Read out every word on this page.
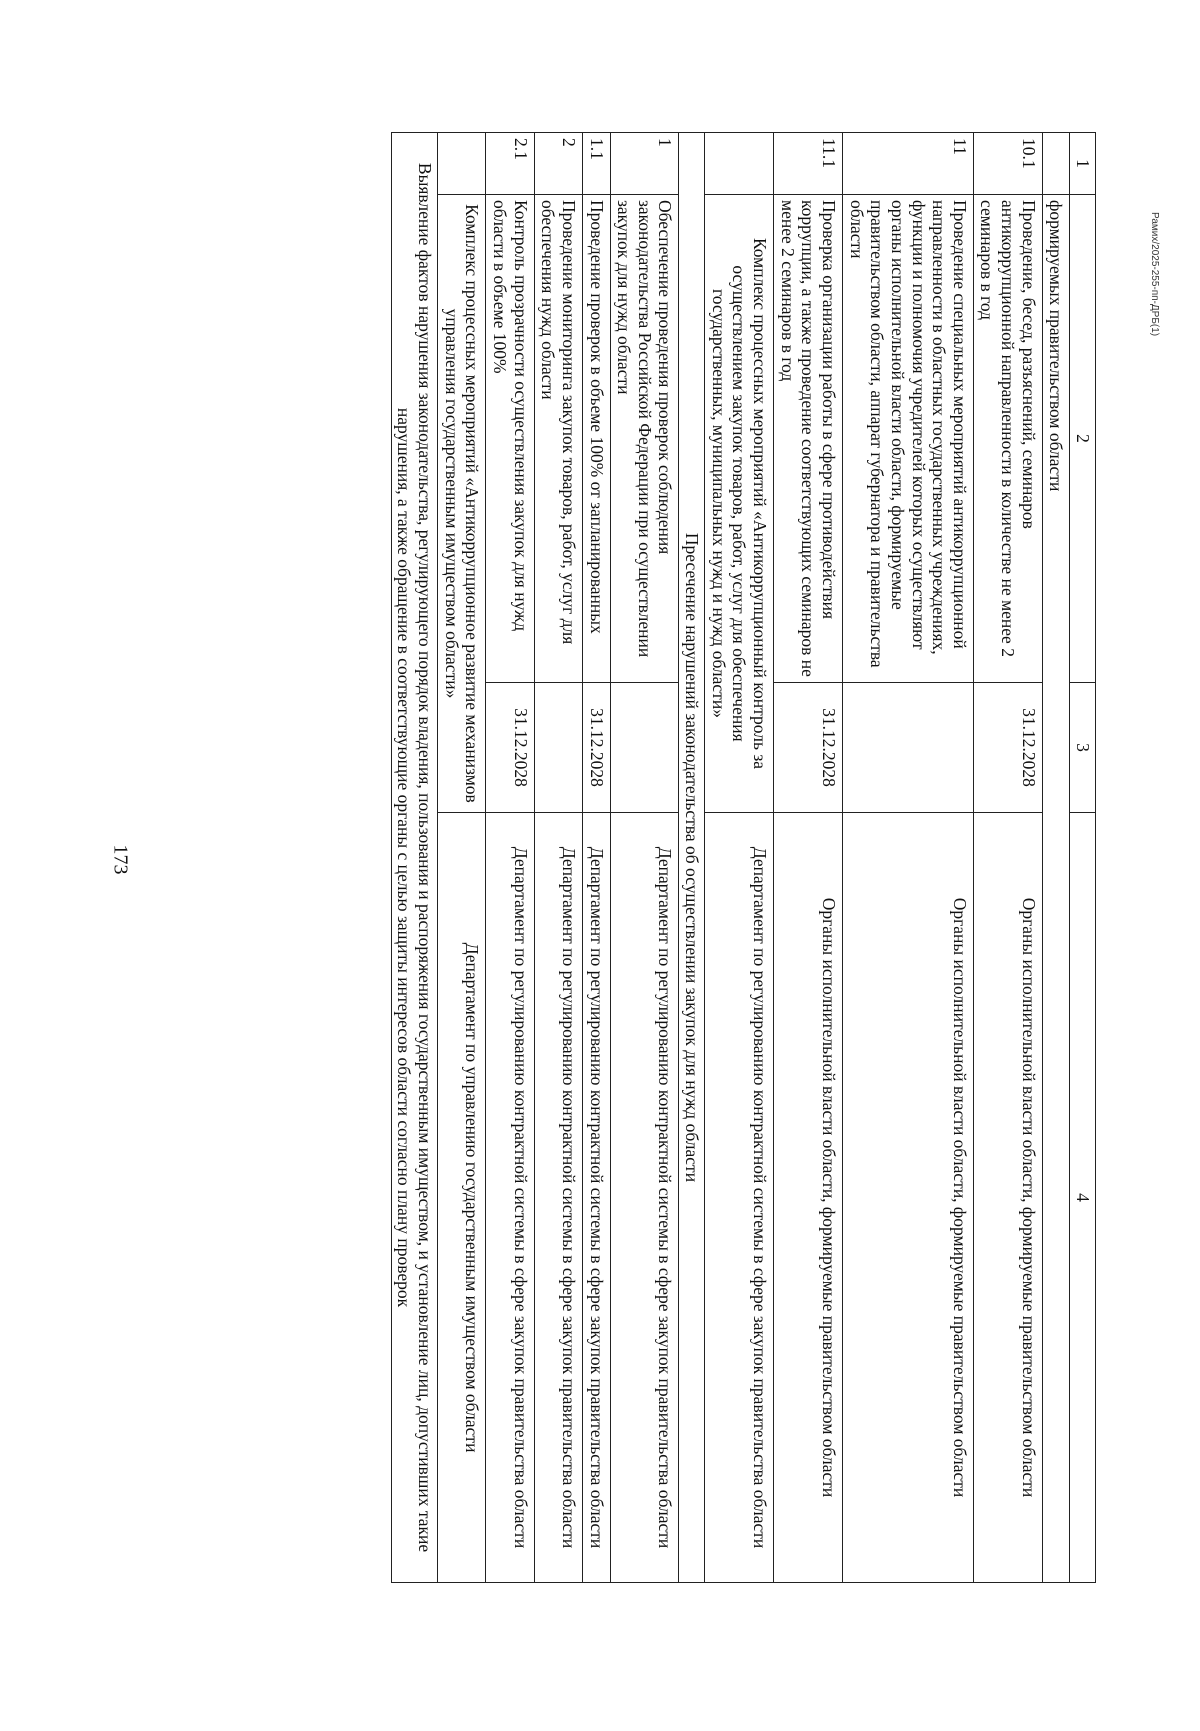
173
Рамих/2025-255-пп-ДРБ(1)
1	2	3	4
	формируемых правительством области		
10.1	Проведение, бесед, разъяснений, семинаров антикоррупционной направленности в количестве не менее 2 семинаров в год	31.12.2028	Органы исполнительной власти области, формируемые правительством области
11	Проведение специальных мероприятий антикоррупционной направленности в областных государственных учреждениях, функции и полномочия учредителей которых осуществляют органы исполнительной власти области, формируемые правительством области, аппарат губернатора и правительства области		Органы исполнительной власти области, формируемые правительством области
11.1	Проверка организации работы в сфере противодействия коррупции, а также проведение соответствующих семинаров не менее 2 семинаров в год	31.12.2028	Органы исполнительной власти области, формируемые правительством области
	Комплекс процессных мероприятий «Антикоррупционный контроль за осуществлением закупок товаров, работ, услуг для обеспечения государственных, муниципальных нужд и нужд области»		Департамент по регулированию контрактной системы в сфере закупок правительства области
Пресечение нарушений законодательства об осуществлении закупок для нужд области			
1	Обеспечение проведения проверок соблюдения законодательства Российской Федерации при осуществлении закупок для нужд области		Департамент по регулированию контрактной системы в сфере закупок правительства области
1.1	Проведение проверок в объеме 100% от запланированных	31.12.2028	Департамент по регулированию контрактной системы в сфере закупок правительства области
2	Проведение мониторинга закупок товаров, работ, услуг для обеспечения нужд области		Департамент по регулированию контрактной системы в сфере закупок правительства области
2.1	Контроль прозрачности осуществления закупок для нужд области в объеме 100%	31.12.2028	Департамент по регулированию контрактной системы в сфере закупок правительства области
	Комплекс процессных мероприятий «Антикоррупционное развитие механизмов управления государственным имуществом области»		Департамент по управлению государственным имуществом области
Выявление фактов нарушения законодательства, регулирующего порядок владения, пользования и распоряжения государственным имуществом, и установление лиц, допустивших такие нарушения, а также обращение в соответствующие органы с целью защиты интересов области согласно плану проверок			
